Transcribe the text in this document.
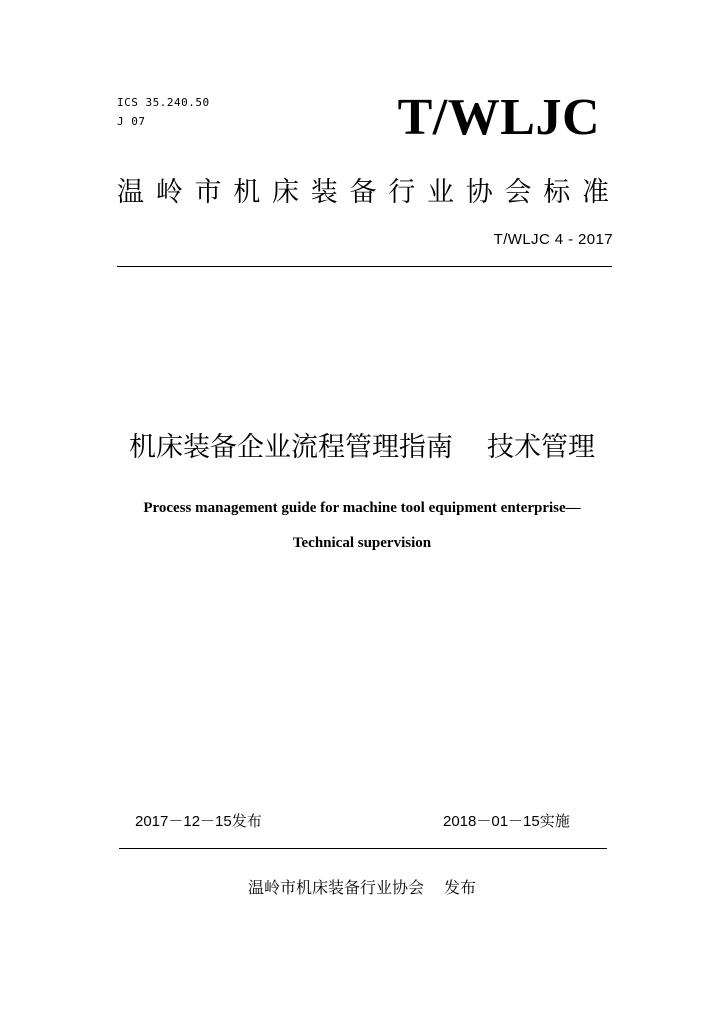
ICS 35.240.50
J 07	T/WLJC
温岭市机床装备行业协会标准
T/WLJC 4 - 2017
机床装备企业流程管理指南 技术管理
Process management guide for machine tool equipment enterprise—
Technical supervision
2017－12－15发布	2018－01－15实施
温岭市机床装备行业协会 发布
